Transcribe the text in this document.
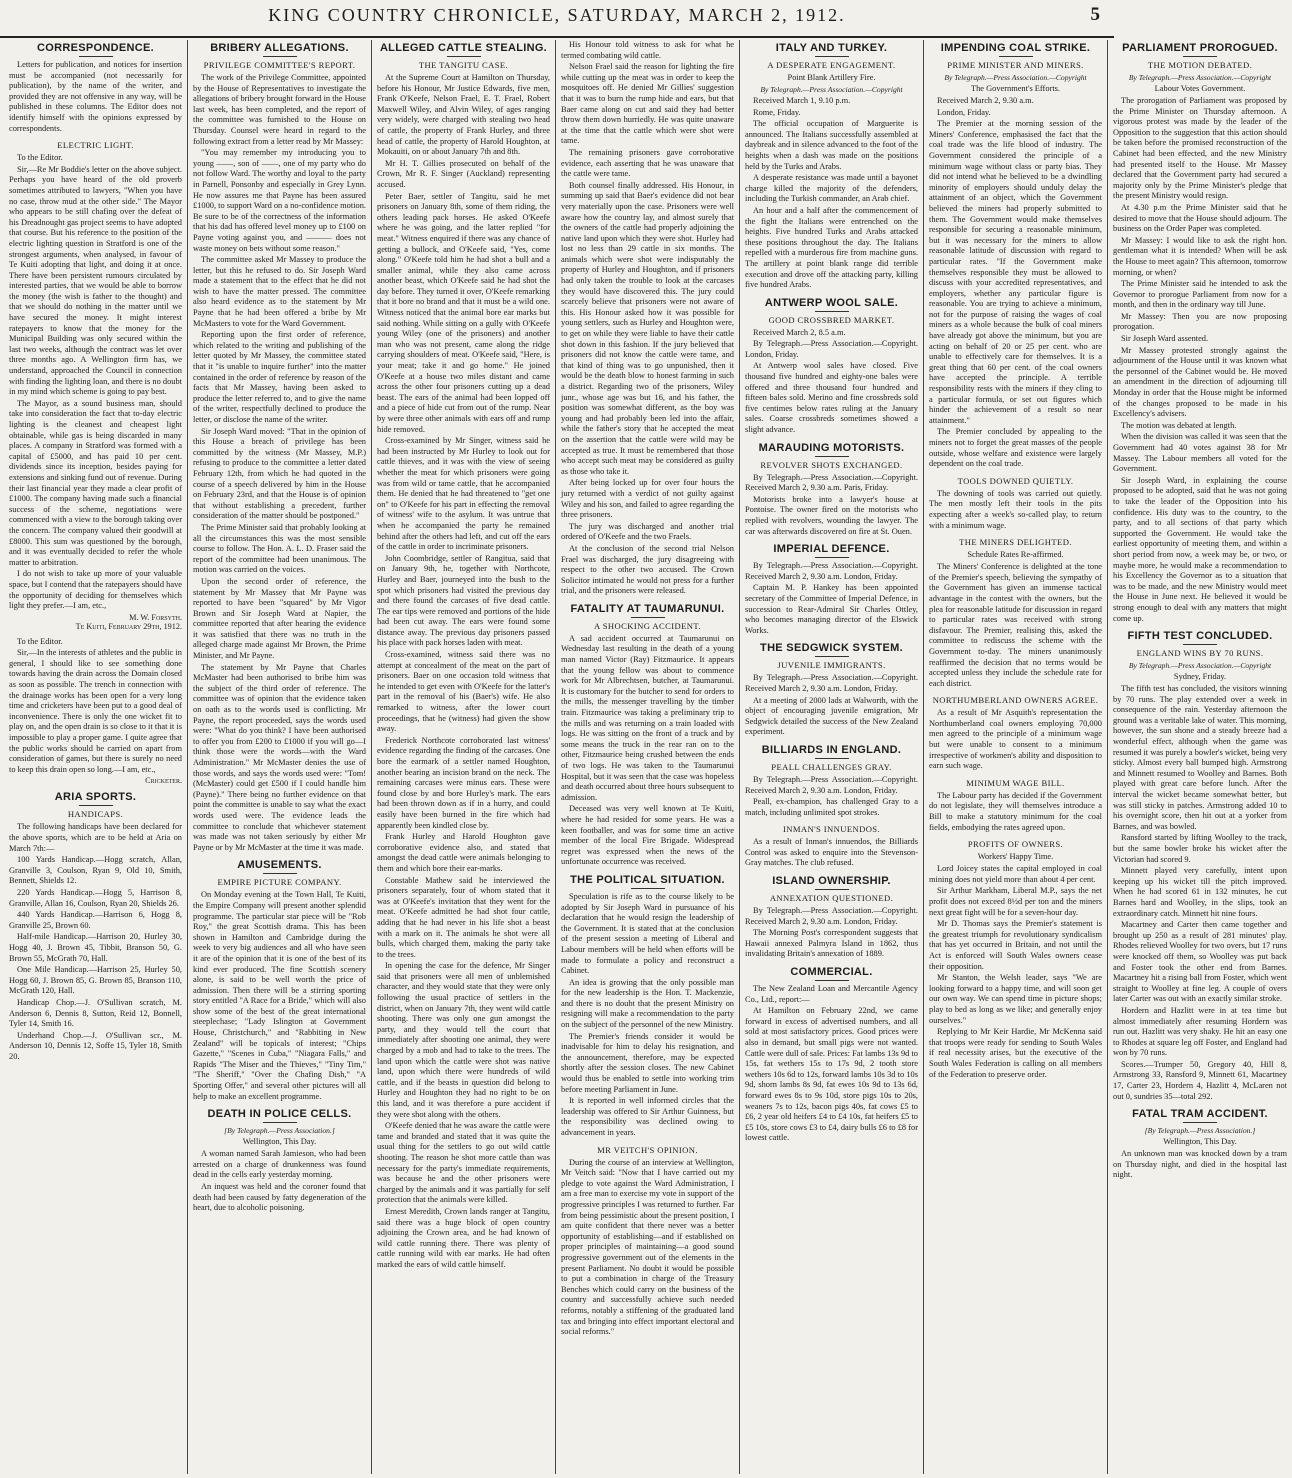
KING COUNTRY CHRONICLE, SATURDAY, MARCH 2, 1912.	5
CORRESPONDENCE.

Letters for publication, and notices for insertion must be accompanied (not necessarily for publication), by the name of the writer, and provided they are not offensive in any way, will be published in these columns. The Editor does not identify himself with the opinions expressed by correspondents.

ELECTRIC LIGHT.

To the Editor.

Sir,—Re Mr Boddie's letter on the above subject. Perhaps you have heard of the old proverb sometimes attributed to lawyers, "When you have no case, throw mud at the other side." The Mayor who appears to be still chafing over the defeat of his Dreadnought gas project seems to have adopted that course. But his reference to the position of the electric lighting question in Stratford is one of the strongest arguments, when analysed, in favour of Te Kuiti adopting that light, and doing it at once. There have been persistent rumours circulated by interested parties, that we would be able to borrow the money (the wish is father to the thought) and that we should do nothing in the matter until we have secured the money. It might interest ratepayers to know that the money for the Municipal Building was only secured within the last two weeks, although the contract was let over three months ago. A Wellington firm has, we understand, approached the Council in connection with finding the lighting loan, and there is no doubt in my mind which scheme is going to pay best.

The Mayor, as a sound business man, should take into consideration the fact that to-day electric lighting is the cleanest and cheapest light obtainable, while gas is being discarded in many places. A company in Stratford was formed with a capital of £5000, and has paid 10 per cent. dividends since its inception, besides paying for extensions and sinking fund out of revenue. During their last financial year they made a clear profit of £1000. The company having made such a financial success of the scheme, negotiations were commenced with a view to the borough taking over the concern. The company valued their goodwill at £8000. This sum was questioned by the borough, and it was eventually decided to refer the whole matter to arbitration.

I do not wish to take up more of your valuable space, but I contend that the ratepayers should have the opportunity of deciding for themselves which light they prefer.—I am, etc.,

M. W. Forsyth.
Te Kuiti, February 29th, 1912.

To the Editor.

Sir,—In the interests of athletes and the public in general, I should like to see something done towards having the drain across the Domain closed as soon as possible. The trench in connection with the drainage works has been open for a very long time and cricketers have been put to a good deal of inconvenience. There is only the one wicket fit to play on, and the open drain is so close to it that it is impossible to play a proper game. I quite agree that the public works should be carried on apart from consideration of games, but there is surely no need to keep this drain open so long.—I am, etc.,

Cricketer.
ARIA SPORTS.
HANDICAPS.

The following handicaps have been declared for the above sports, which are to be held at Aria on March 7th:—

100 Yards Handicap.—Hogg scratch, Allan, Granville 3, Coulson, Ryan 9, Old 10, Smith, Bennett, Shields 12.

220 Yards Handicap.—Hogg 5, Harrison 8, Granville, Allan 16, Coulson, Ryan 20, Shields 26.

440 Yards Handicap.—Harrison 6, Hogg 8, Granville 25, Brown 60.

Half-mile Handicap.—Harrison 20, Hurley 30, Hogg 40, J. Brown 45, Tibbit, Branson 50, G. Brown 55, McGrath 70, Hall.

One Mile Handicap.—Harrison 25, Hurley 50, Hogg 60, J. Brown 85, G. Brown 85, Branson 110, McGrath 120, Hall.

Handicap Chop.—J. O'Sullivan scratch, M. Anderson 6, Dennis 8, Sutton, Reid 12, Bonnell, Tyler 14, Smith 16.

Underhand Chop.—J. O'Sullivan scr., M. Anderson 10, Dennis 12, Soffe 15, Tyler 18, Smith 20.

BRIBERY ALLEGATIONS.
PRIVILEGE COMMITTEE'S REPORT.

The work of the Privilege Committee, appointed by the House of Representatives to investigate the allegations of bribery brought forward in the House last week, has been completed, and the report of the committee was furnished to the House on Thursday. Counsel were heard in regard to the following extract from a letter read by Mr Massey:

"You may remember my introducing you to young ——, son of ——, one of my party who do not follow Ward. The worthy and loyal to the party in Parnell, Ponsonby and especially in Grey Lynn. He now assures me that Payne has been assured £1000, to support Ward on a no-confidence motion. Be sure to be of the correctness of the information that his dad has offered level money up to £100 on Payne voting against you, and ——— does not waste money on bets without some reason."

The committee asked Mr Massey to produce the letter, but this he refused to do. Sir Joseph Ward made a statement that to the effect that he did not wish to have the matter pressed. The committee also heard evidence as to the statement by Mr Payne that he had been offered a bribe by Mr McMasters to vote for the Ward Government.

Reporting upon the first order of reference, which related to the writing and publishing of the letter quoted by Mr Massey, the committee stated that it "is unable to inquire further" into the matter contained in the order of reference by reason of the facts that Mr Massey, having been asked to produce the letter referred to, and to give the name of the writer, respectfully declined to produce the letter, or disclose the name of the writer.

Sir Joseph Ward moved: "That in the opinion of this House a breach of privilege has been committed by the witness (Mr Massey, M.P.) refusing to produce to the committee a letter dated February 12th, from which he had quoted in the course of a speech delivered by him in the House on February 23rd, and that the House is of opinion that without establishing a precedent, further consideration of the matter should be postponed."

The Prime Minister said that probably looking at all the circumstances this was the most sensible course to follow. The Hon. A. L. D. Fraser said the report of the committee had been unanimous. The motion was carried on the voices.

Upon the second order of reference, the statement by Mr Massey that Mr Payne was reported to have been "squared" by Mr Vigor Brown and Sir Joseph Ward at Napier, the committee reported that after hearing the evidence it was satisfied that there was no truth in the alleged charge made against Mr Brown, the Prime Minister, and Mr Payne.

The statement by Mr Payne that Charles McMaster had been authorised to bribe him was the subject of the third order of reference. The committee was of opinion that the evidence taken on oath as to the words used is conflicting. Mr Payne, the report proceeded, says the words used were: "What do you think? I have been authorised to offer you from £200 to £1000 if you will go—I think those were the words—with the Ward Administration." Mr McMaster denies the use of those words, and says the words used were: "Tom! (McMaster) could get £500 if I could handle him (Payne)." There being no further evidence on that point the committee is unable to say what the exact words used were. The evidence leads the committee to conclude that whichever statement was made was not taken seriously by either Mr Payne or by Mr McMaster at the time it was made.

AMUSEMENTS.
EMPIRE PICTURE COMPANY.

On Monday evening at the Town Hall, Te Kuiti, the Empire Company will present another splendid programme. The particular star piece will be "Rob Roy," the great Scottish drama. This has been shown in Hamilton and Cambridge during the week to very big audiences and all who have seen it are of the opinion that it is one of the best of its kind ever produced. The fine Scottish scenery alone, is said to be well worth the price of admission. Then there will be a stirring sporting story entitled "A Race for a Bride," which will also show some of the best of the great international steeplechase; "Lady Islington at Government House, Christchurch," and "Rabbiting in New Zealand" will be topicals of interest; "Chips Gazette," "Scenes in Cuba," "Niagara Falls," and Rapids "The Miser and the Thieves," "Tiny Tim," "The Sheriff," "Over the Chafing Dish," "A Sporting Offer," and several other pictures will all help to make an excellent programme.

DEATH IN POLICE CELLS.
[By Telegraph.—Press Association.]
Wellington, This Day.

A woman named Sarah Jamieson, who had been arrested on a charge of drunkenness was found dead in the cells early yesterday morning.

An inquest was held and the coroner found that death had been caused by fatty degeneration of the heart, due to alcoholic poisoning.

ALLEGED CATTLE STEALING.
THE TANGITU CASE.

At the Supreme Court at Hamilton on Thursday, before his Honour, Mr Justice Edwards, five men, Frank O'Keefe, Nelson Frael, E. T. Frael, Robert Maxwell Wiley, and Alvin Wiley, of ages ranging very widely, were charged with stealing two head of cattle, the property of Frank Hurley, and three head of cattle, the property of Harold Houghton, at Mokauiti, on or about January 7th and 8th.

Mr H. T. Gillies prosecuted on behalf of the Crown, Mr R. F. Singer (Auckland) representing accused.

Peter Baer, settler of Tangitu, said he met prisoners on January 8th, some of them riding, the others leading pack horses. He asked O'Keefe where he was going, and the latter replied "for meat." Witness enquired if there was any chance of getting a bullock, and O'Keefe said, "Yes, come along." O'Keefe told him he had shot a bull and a smaller animal, while they also came across another beast, which O'Keefe said he had shot the day before. They turned it over, O'Keefe remarking that it bore no brand and that it must be a wild one. Witness noticed that the animal bore ear marks but said nothing. While sitting on a gully with O'Keefe young Wiley (one of the prisoners) and another man who was not present, came along the ridge carrying shoulders of meat. O'Keefe said, "Here, is your meat; take it and go home." He joined O'Keefe at a house two miles distant and came across the other four prisoners cutting up a dead beast. The ears of the animal had been lopped off and a piece of hide cut from out of the rump. Near by were three other animals with ears off and rump hide removed.

Cross-examined by Mr Singer, witness said he had been instructed by Mr Hurley to look out for cattle thieves, and it was with the view of seeing whether the meat for which prisoners were going was from wild or tame cattle, that he accompanied them. He denied that he had threatened to "get one on" to O'Keefe for his part in effecting the removal of witness' wife to the asylum. It was untrue that when he accompanied the party he remained behind after the others had left, and cut off the ears of the cattle in order to incriminate prisoners.

John Coombridge, settler of Rangitua, said that on January 9th, he, together with Northcote, Hurley and Baer, journeyed into the bush to the spot which prisoners had visited the previous day and there found the carcases of five dead cattle. The ear tips were removed and portions of the hide had been cut away. The ears were found some distance away. The previous day prisoners passed his place with pack horses laden with meat.

Cross-examined, witness said there was no attempt at concealment of the meat on the part of prisoners. Baer on one occasion told witness that he intended to get even with O'Keefe for the latter's part in the removal of his (Baer's) wife. He also remarked to witness, after the lower court proceedings, that he (witness) had given the show away.

Frederick Northcote corroborated last witness' evidence regarding the finding of the carcases. One bore the earmark of a settler named Houghton, another bearing an incision brand on the neck. The remaining carcases were minus ears. These were found close by and bore Hurley's mark. The ears had been thrown down as if in a hurry, and could easily have been burned in the fire which had apparently been kindled close by.

Frank Hurley and Harold Houghton gave corroborative evidence also, and stated that amongst the dead cattle were animals belonging to them and which bore their ear-marks.

Constable Mathew said he interviewed the prisoners separately, four of whom stated that it was at O'Keefe's invitation that they went for the meat. O'Keefe admitted he had shot four cattle, adding that he had never in his life shot a beast with a mark on it. The animals he shot were all bulls, which charged them, making the party take to the trees.

In opening the case for the defence, Mr Singer said that prisoners were all men of unblemished character, and they would state that they were only following the usual practice of settlers in the district, when on January 7th, they went wild cattle shooting. There was only one gun amongst the party, and they would tell the court that immediately after shooting one animal, they were charged by a mob and had to take to the trees. The land upon which the cattle were shot was native land, upon which there were hundreds of wild cattle, and if the beasts in question did belong to Hurley and Houghton they had no right to be on this land, and it was therefore a pure accident if they were shot along with the others.

O'Keefe denied that he was aware the cattle were tame and branded and stated that it was quite the usual thing for the settlers to go out wild cattle shooting. The reason he shot more cattle than was necessary for the party's immediate requirements, was because he and the other prisoners were charged by the animals and it was partially for self protection that the animals were killed.

Ernest Meredith, Crown lands ranger at Tangitu, said there was a huge block of open country adjoining the Crown area, and he had known of wild cattle running there. There was plenty of cattle running wild with ear marks. He had often marked the ears of wild cattle himself.

His Honour told witness to ask for what he termed combating wild cattle.

Nelson Frael said the reason for lighting the fire while cutting up the meat was in order to keep the mosquitoes off. He denied Mr Gillies' suggestion that it was to burn the rump hide and ears, but that Baer came along on cut and said they had better throw them down hurriedly. He was quite unaware at the time that the cattle which were shot were tame.

The remaining prisoners gave corroborative evidence, each asserting that he was unaware that the cattle were tame.

Both counsel finally addressed. His Honour, in summing up said that Baer's evidence did not bear very materially upon the case. Prisoners were well aware how the country lay, and almost surely that the owners of the cattle had properly adjoining the native land upon which they were shot. Hurley had lost no less than 29 cattle in six months. The animals which were shot were indisputably the property of Hurley and Houghton, and if prisoners had only taken the trouble to look at the carcases they would have discovered this. The jury could scarcely believe that prisoners were not aware of this. His Honour asked how it was possible for young settlers, such as Hurley and Houghton were, to get on while they were liable to have their cattle shot down in this fashion. If the jury believed that prisoners did not know the cattle were tame, and that kind of thing was to go unpunished, then it would be the death blow to honest farming in such a district. Regarding two of the prisoners, Wiley junr., whose age was but 16, and his father, the position was somewhat different, as the boy was young and had probably been led into the affair, while the father's story that he accepted the meat on the assertion that the cattle were wild may be accepted as true. It must be remembered that those who accept such meat may be considered as guilty as those who take it.

After being locked up for over four hours the jury returned with a verdict of not guilty against Wiley and his son, and failed to agree regarding the three prisoners.

The jury was discharged and another trial ordered of O'Keefe and the two Fraels.

At the conclusion of the second trial Nelson Frael was discharged, the jury disagreeing with respect to the other two accused. The Crown Solicitor intimated he would not press for a further trial, and the prisoners were released.

FATALITY AT TAUMARUNUI.
A SHOCKING ACCIDENT.

A sad accident occurred at Taumarunui on Wednesday last resulting in the death of a young man named Victor (Ray) Fitzmaurice. It appears that the young fellow was about to commence work for Mr Albrechtsen, butcher, at Taumarunui. It is customary for the butcher to send for orders to the mills, the messenger travelling by the timber train. Fitzmaurice was taking a preliminary trip to the mills and was returning on a train loaded with logs. He was sitting on the front of a truck and by some means the truck in the rear ran on to the other, Fitzmaurice being crushed between the ends of two logs. He was taken to the Taumarunui Hospital, but it was seen that the case was hopeless and death occurred about three hours subsequent to admission.

Deceased was very well known at Te Kuiti, where he had resided for some years. He was a keen footballer, and was for some time an active member of the local Fire Brigade. Widespread regret was expressed when the news of the unfortunate occurrence was received.

THE POLITICAL SITUATION.

Speculation is rife as to the course likely to be adopted by Sir Joseph Ward in pursuance of his declaration that he would resign the leadership of the Government. It is stated that at the conclusion of the present session a meeting of Liberal and Labour members will be held when efforts will be made to formulate a policy and reconstruct a Cabinet.

An idea is growing that the only possible man for the new leadership is the Hon. T. Mackenzie, and there is no doubt that the present Ministry on resigning will make a recommendation to the party on the subject of the personnel of the new Ministry.

The Premier's friends consider it would be inadvisable for him to delay his resignation, and the announcement, therefore, may be expected shortly after the session closes. The new Cabinet would thus be enabled to settle into working trim before meeting Parliament in June.

It is reported in well informed circles that the leadership was offered to Sir Arthur Guinness, but the responsibility was declined owing to advancement in years.

MR VEITCH'S OPINION.

During the course of an interview at Wellington, Mr Veitch said: "Now that I have carried out my pledge to vote against the Ward Administration, I am a free man to exercise my vote in support of the progressive principles I was returned to further. Far from being pessimistic about the present position, I am quite confident that there never was a better opportunity of establishing—and if established on proper principles of maintaining—a good sound progressive government out of the elements in the present Parliament. No doubt it would be possible to put a combination in charge of the Treasury Benches which could carry on the business of the country and successfully achieve such needed reforms, notably a stiffening of the graduated land tax and bringing into effect important electoral and social reforms."

ITALY AND TURKEY.
A DESPERATE ENGAGEMENT.
Point Blank Artillery Fire.
By Telegraph.—Press Association.—Copyright

Received March 1, 9.10 p.m.

Rome, Friday.

The official occupation of Marguerite is announced. The Italians successfully assembled at daybreak and in silence advanced to the foot of the heights when a dash was made on the positions held by the Turks and Arabs.

A desperate resistance was made until a bayonet charge killed the majority of the defenders, including the Turkish commander, an Arab chief.

An hour and a half after the commencement of the fight the Italians were entrenched on the heights. Five hundred Turks and Arabs attacked these positions throughout the day. The Italians repelled with a murderous fire from machine guns. The artillery at point blank range did terrible execution and drove off the attacking party, killing five hundred Arabs.

ANTWERP WOOL SALE.
GOOD CROSSBRED MARKET.

Received March 2, 8.5 a.m.

By Telegraph.—Press Association.—Copyright. London, Friday.

At Antwerp wool sales have closed. Five thousand five hundred and eighty-one bales were offered and three thousand four hundred and fifteen bales sold. Merino and fine crossbreds sold five centimes below rates ruling at the January sales. Coarse crossbreds sometimes showed a slight advance.

MARAUDING MOTORISTS.
REVOLVER SHOTS EXCHANGED.

By Telegraph.—Press Association.—Copyright. Received March 2, 9.30 a.m. Paris, Friday.

Motorists broke into a lawyer's house at Pontoise. The owner fired on the motorists who replied with revolvers, wounding the lawyer. The car was afterwards discovered on fire at St. Ouen.

IMPERIAL DEFENCE.

By Telegraph.—Press Association.—Copyright. Received March 2, 9.30 a.m. London, Friday.

Captain M. P. Hankey has been appointed secretary of the Committee of Imperial Defence, in succession to Rear-Admiral Sir Charles Ottley, who becomes managing director of the Elswick Works.

THE SEDGWICK SYSTEM.
JUVENILE IMMIGRANTS.

By Telegraph.—Press Association.—Copyright. Received March 2, 9.30 a.m. London, Friday.

At a meeting of 2000 lads at Walworth, with the object of encouraging juvenile emigration, Mr Sedgwick detailed the success of the New Zealand experiment.

BILLIARDS IN ENGLAND.
PEALL CHALLENGES GRAY.

By Telegraph.—Press Association.—Copyright. Received March 2, 9.30 a.m. London, Friday.

Peall, ex-champion, has challenged Gray to a match, including unlimited spot strokes.

INMAN'S INNUENDOS.

As a result of Inman's innuendos, the Billiards Control was asked to enquire into the Stevenson-Gray matches. The club refused.

ISLAND OWNERSHIP.
ANNEXATION QUESTIONED.

By Telegraph.—Press Association.—Copyright. Received March 2, 9.30 a.m. London, Friday.

The Morning Post's correspondent suggests that Hawaii annexed Palmyra Island in 1862, thus invalidating Britain's annexation of 1889.

COMMERCIAL.

The New Zealand Loan and Mercantile Agency Co., Ltd., report:—

At Hamilton on February 22nd, we came forward in excess of advertised numbers, and all sold at most satisfactory prices. Good prices were also in demand, but small pigs were not wanted. Cattle were dull of sale. Prices: Fat lambs 13s 9d to 15s, fat wethers 15s to 17s 9d, 2 tooth store wethers 10s 6d to 12s, forward lambs 10s 3d to 10s 9d, shorn lambs 8s 9d, fat ewes 10s 9d to 13s 6d, forward ewes 8s to 9s 10d, store pigs 10s to 20s, weaners 7s to 12s, bacon pigs 40s, fat cows £5 to £6, 2 year old heifers £4 to £4 10s, fat heifers £5 to £5 10s, store cows £3 to £4, dairy bulls £6 to £8 for lowest cattle.

IMPENDING COAL STRIKE.
PRIME MINISTER AND MINERS.
By Telegraph.—Press Association.—Copyright
The Government's Efforts.

Received March 2, 9.30 a.m.

London, Friday.

The Premier at the morning session of the Miners' Conference, emphasised the fact that the coal trade was the life blood of industry. The Government considered the principle of a minimum wage without class or party bias. They did not intend what he believed to be a dwindling minority of employers should unduly delay the attainment of an object, which the Government believed the miners had properly submitted to them. The Government would make themselves responsible for securing a reasonable minimum, but it was necessary for the miners to allow reasonable latitude of discussion with regard to particular rates. "If the Government make themselves responsible they must be allowed to discuss with your accredited representatives, and employers, whether any particular figure is reasonable. You are trying to achieve a minimum, not for the purpose of raising the wages of coal miners as a whole because the bulk of coal miners have already got above the minimum, but you are acting on behalf of 20 or 25 per cent. who are unable to effectively care for themselves. It is a great thing that 60 per cent. of the coal owners have accepted the principle. A terrible responsibility rests with the miners if they cling to a particular formula, or set out figures which hinder the achievement of a result so near attainment."

The Premier concluded by appealing to the miners not to forget the great masses of the people outside, whose welfare and existence were largely dependent on the coal trade.

TOOLS DOWNED QUIETLY.

The downing of tools was carried out quietly. The men mostly left their tools in the pits expecting after a week's so-called play, to return with a minimum wage.

THE MINERS DELIGHTED.
Schedule Rates Re-affirmed.

The Miners' Conference is delighted at the tone of the Premier's speech, believing the sympathy of the Government has given an immense tactical advantage in the contest with the owners, but the plea for reasonable latitude for discussion in regard to particular rates was received with strong disfavour. The Premier, realising this, asked the committee to rediscuss the scheme with the Government to-day. The miners unanimously reaffirmed the decision that no terms would be accepted unless they include the schedule rate for each district.

NORTHUMBERLAND OWNERS AGREE.

As a result of Mr Asquith's representation the Northumberland coal owners employing 70,000 men agreed to the principle of a minimum wage but were unable to consent to a minimum irrespective of workmen's ability and disposition to earn such wage.

MINIMUM WAGE BILL.

The Labour party has decided if the Government do not legislate, they will themselves introduce a Bill to make a statutory minimum for the coal fields, embodying the rates agreed upon.

PROFITS OF OWNERS.
Workers' Happy Time.

Lord Joicey states the capital employed in coal mining does not yield more than about 4 per cent.

Sir Arthur Markham, Liberal M.P., says the net profit does not exceed 8½d per ton and the miners next great fight will be for a seven-hour day.

Mr D. Thomas says the Premier's statement is the greatest triumph for revolutionary syndicalism that has yet occurred in Britain, and not until the Act is enforced will South Wales owners cease their opposition.

Mr Stanton, the Welsh leader, says "We are looking forward to a happy time, and will soon get our own way. We can spend time in picture shops; play to bed as long as we like; and generally enjoy ourselves."

Replying to Mr Keir Hardie, Mr McKenna said that troops were ready for sending to South Wales if real necessity arises, but the executive of the South Wales Federation is calling on all members of the Federation to preserve order.

PARLIAMENT PROROGUED.
THE MOTION DEBATED.
By Telegraph.—Press Association.—Copyright
Labour Votes Government.

The prorogation of Parliament was proposed by the Prime Minister on Thursday afternoon. A vigorous protest was made by the leader of the Opposition to the suggestion that this action should be taken before the promised reconstruction of the Cabinet had been effected, and the new Ministry had presented itself to the House. Mr Massey declared that the Government party had secured a majority only by the Prime Minister's pledge that the present Ministry would resign.

At 4.30 p.m the Prime Minister said that he desired to move that the House should adjourn. The business on the Order Paper was completed.

Mr Massey: I would like to ask the right hon. gentleman what it is intended? When will be ask the House to meet again? This afternoon, tomorrow morning, or when?

The Prime Minister said he intended to ask the Governor to prorogue Parliament from now for a month, and then in the ordinary way till June.

Mr Massey: Then you are now proposing prorogation.

Sir Joseph Ward assented.

Mr Massey protested strongly against the adjournment of the House until it was known what the personnel of the Cabinet would be. He moved an amendment in the direction of adjourning till Monday in order that the House might be informed of the changes proposed to be made in his Excellency's advisers.

The motion was debated at length.

When the division was called it was seen that the Government had 40 votes against 38 for Mr Massey. The Labour members all voted for the Government.

Sir Joseph Ward, in explaining the course proposed to be adopted, said that he was not going to take the leader of the Opposition into his confidence. His duty was to the country, to the party, and to all sections of that party which supported the Government. He would take the earliest opportunity of meeting them, and within a short period from now, a week may be, or two, or maybe more, he would make a recommendation to his Excellency the Governor as to a situation that was to be made, and the new Ministry would meet the House in June next. He believed it would be strong enough to deal with any matters that might come up.

FIFTH TEST CONCLUDED.
ENGLAND WINS BY 70 RUNS.
By Telegraph.—Press Association.—Copyright
Sydney, Friday.

The fifth test has concluded, the visitors winning by 70 runs. The play extended over a week in consequence of the rain. Yesterday afternoon the ground was a veritable lake of water. This morning, however, the sun shone and a steady breeze had a wonderful effect, although when the game was resumed it was purely a bowler's wicket, being very sticky. Almost every ball bumped high. Armstrong and Minnett resumed to Woolley and Barnes. Both played with great care before lunch. After the interval the wicket became somewhat better, but was still sticky in patches. Armstrong added 10 to his overnight score, then hit out at a yorker from Barnes, and was bowled.

Ransford started by lifting Woolley to the track, but the same bowler broke his wicket after the Victorian had scored 9.

Minnett played very carefully, intent upon keeping up his wicket till the pitch improved. When he had scored 61 in 132 minutes, he cut Barnes hard and Woolley, in the slips, took an extraordinary catch. Minnett hit nine fours.

Macartney and Carter then came together and brought up 250 as a result of 281 minutes' play. Rhodes relieved Woolley for two overs, but 17 runs were knocked off them, so Woolley was put back and Foster took the other end from Barnes. Macartney hit a rising ball from Foster, which went straight to Woolley at fine leg. A couple of overs later Carter was out with an exactly similar stroke.

Hordern and Hazlitt were in at tea time but almost immediately after resuming Hordern was run out. Hazlitt was very shaky. He hit an easy one to Rhodes at square leg off Foster, and England had won by 70 runs.

Scores.—Trumper 50, Gregory 40, Hill 8, Armstrong 33, Ransford 9, Minnett 61, Macartney 17, Carter 23, Hordern 4, Hazlitt 4, McLaren not out 0, sundries 35—total 292.

FATAL TRAM ACCIDENT.
[By Telegraph.—Press Association.]
Wellington, This Day.

An unknown man was knocked down by a tram on Thursday night, and died in the hospital last night.
